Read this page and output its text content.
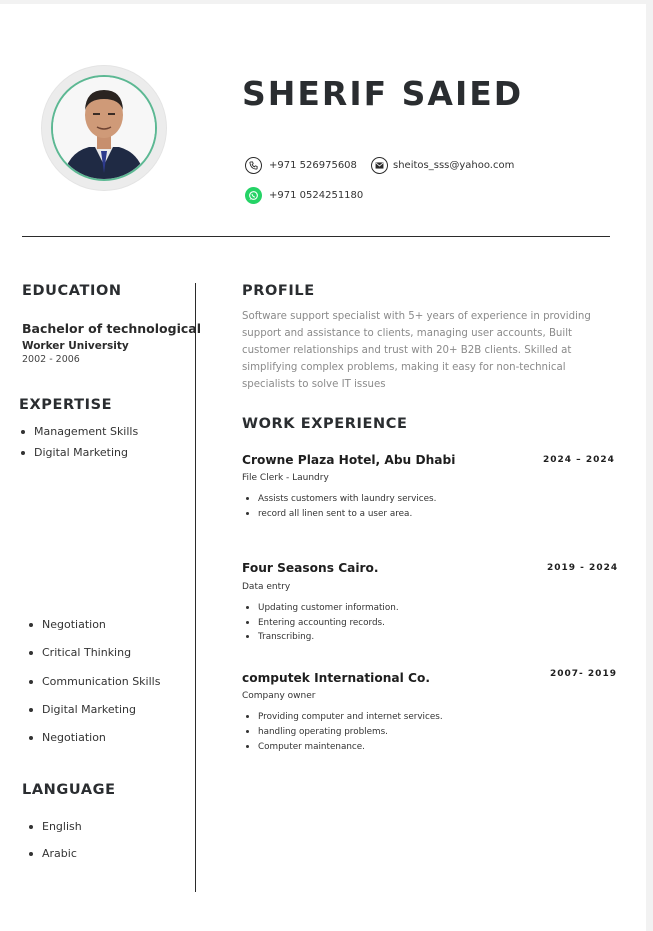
SHERIF SAIED
+971 526975608	sheitos_sss@yahoo.com
+971 0524251180
EDUCATION
Bachelor of technological
Worker University
2002 - 2006
EXPERTISE
Management Skills
Digital Marketing
Negotiation
Critical Thinking
Communication Skills
Digital Marketing
Negotiation
LANGUAGE
English
Arabic
PROFILE
Software support specialist with 5+ years of experience in providing support and assistance to clients, managing user accounts, Built customer relationships and trust with 20+ B2B clients. Skilled at simplifying complex problems, making it easy for non-technical specialists to solve IT issues
WORK EXPERIENCE
Crowne Plaza Hotel, Abu Dhabi	2024 – 2024
File Clerk - Laundry
Assists customers with laundry services.
record all linen sent to a user area.
Four Seasons Cairo.	2019 - 2024
Data entry
Updating customer information.
Entering accounting records.
Transcribing.
computek International Co.	2007- 2019
Company owner
Providing computer and internet services.
handling operating problems.
Computer maintenance.
